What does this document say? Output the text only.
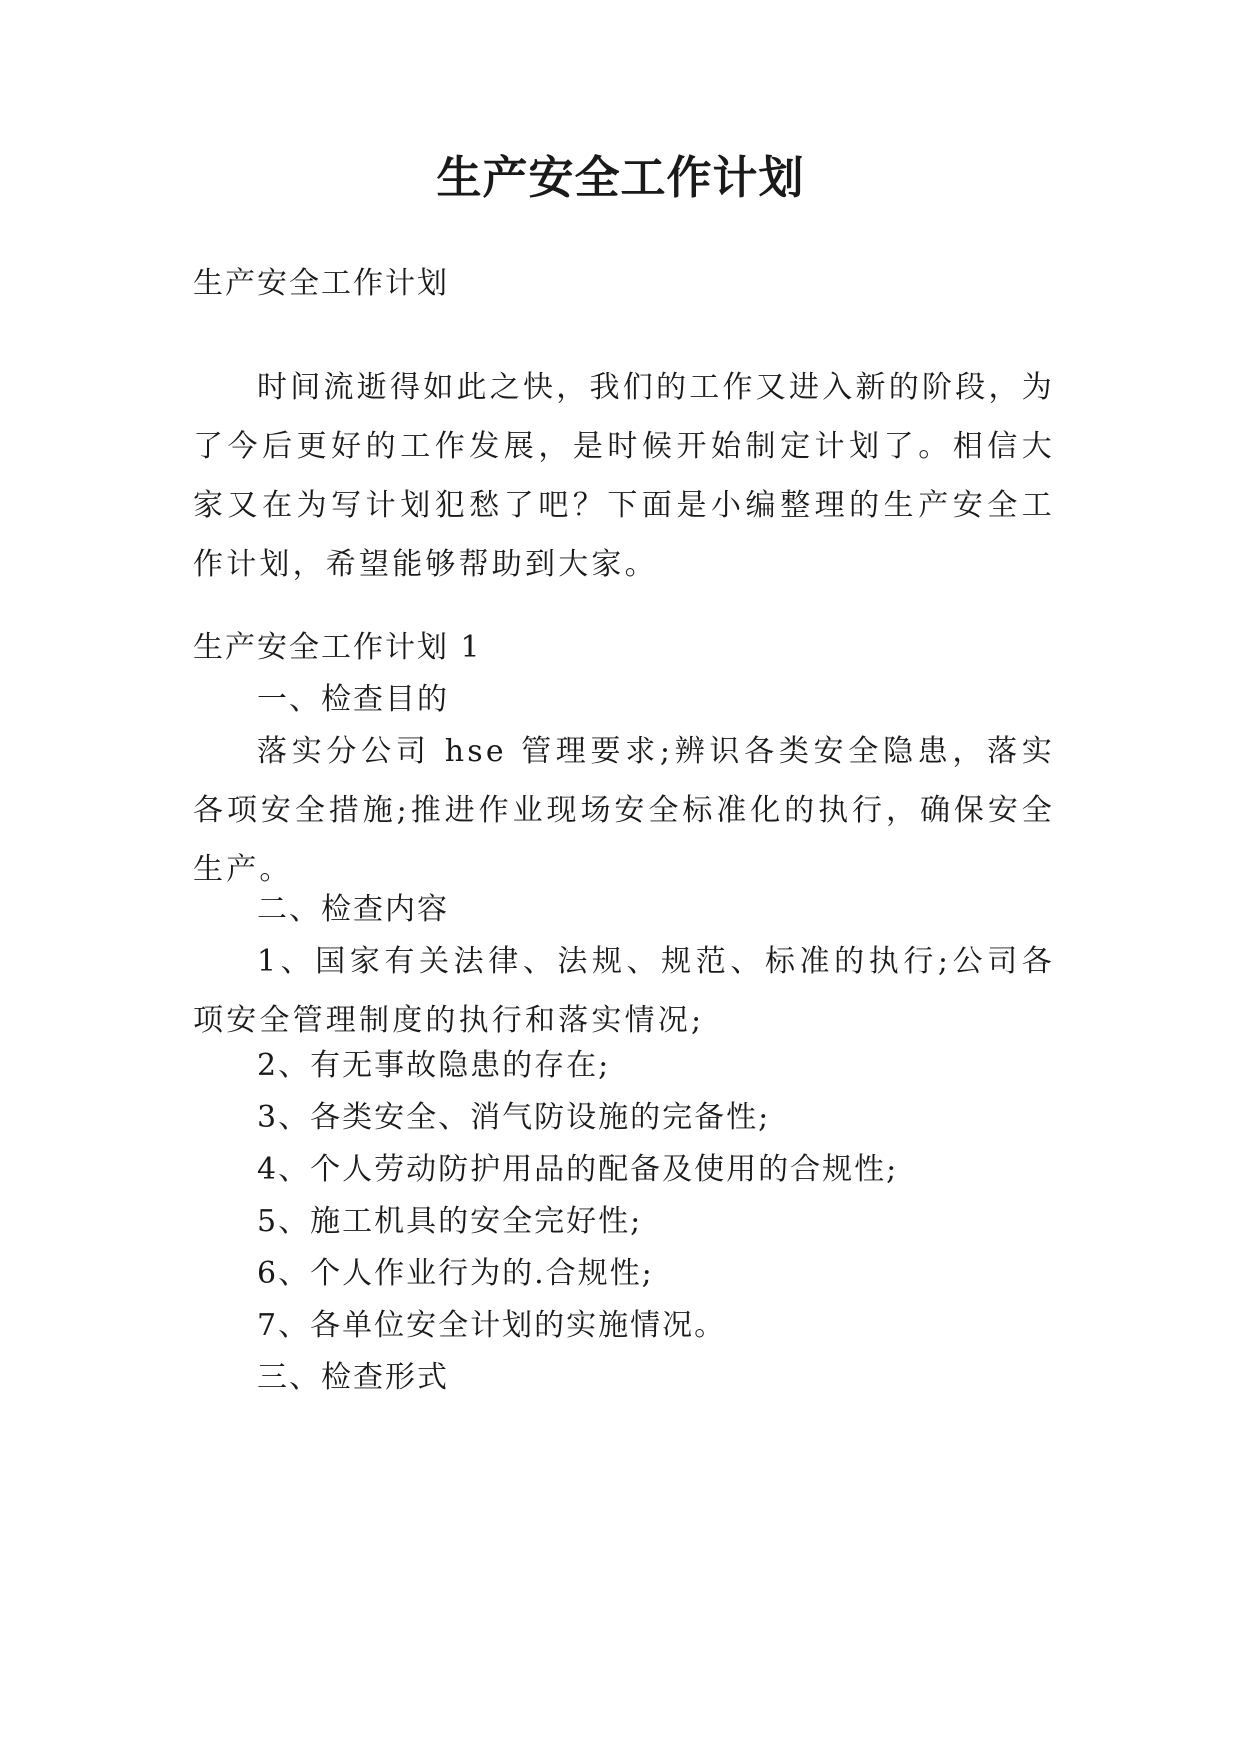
生产安全工作计划
生产安全工作计划
时间流逝得如此之快，我们的工作又进入新的阶段，为了今后更好的工作发展，是时候开始制定计划了。相信大家又在为写计划犯愁了吧？下面是小编整理的生产安全工作计划，希望能够帮助到大家。
生产安全工作计划 1
一、检查目的
落实分公司 hse 管理要求;辨识各类安全隐患，落实各项安全措施;推进作业现场安全标准化的执行，确保安全生产。
二、检查内容
1、国家有关法律、法规、规范、标准的执行;公司各项安全管理制度的执行和落实情况;
2、有无事故隐患的存在;
3、各类安全、消气防设施的完备性;
4、个人劳动防护用品的配备及使用的合规性;
5、施工机具的安全完好性;
6、个人作业行为的.合规性;
7、各单位安全计划的实施情况。
三、检查形式
